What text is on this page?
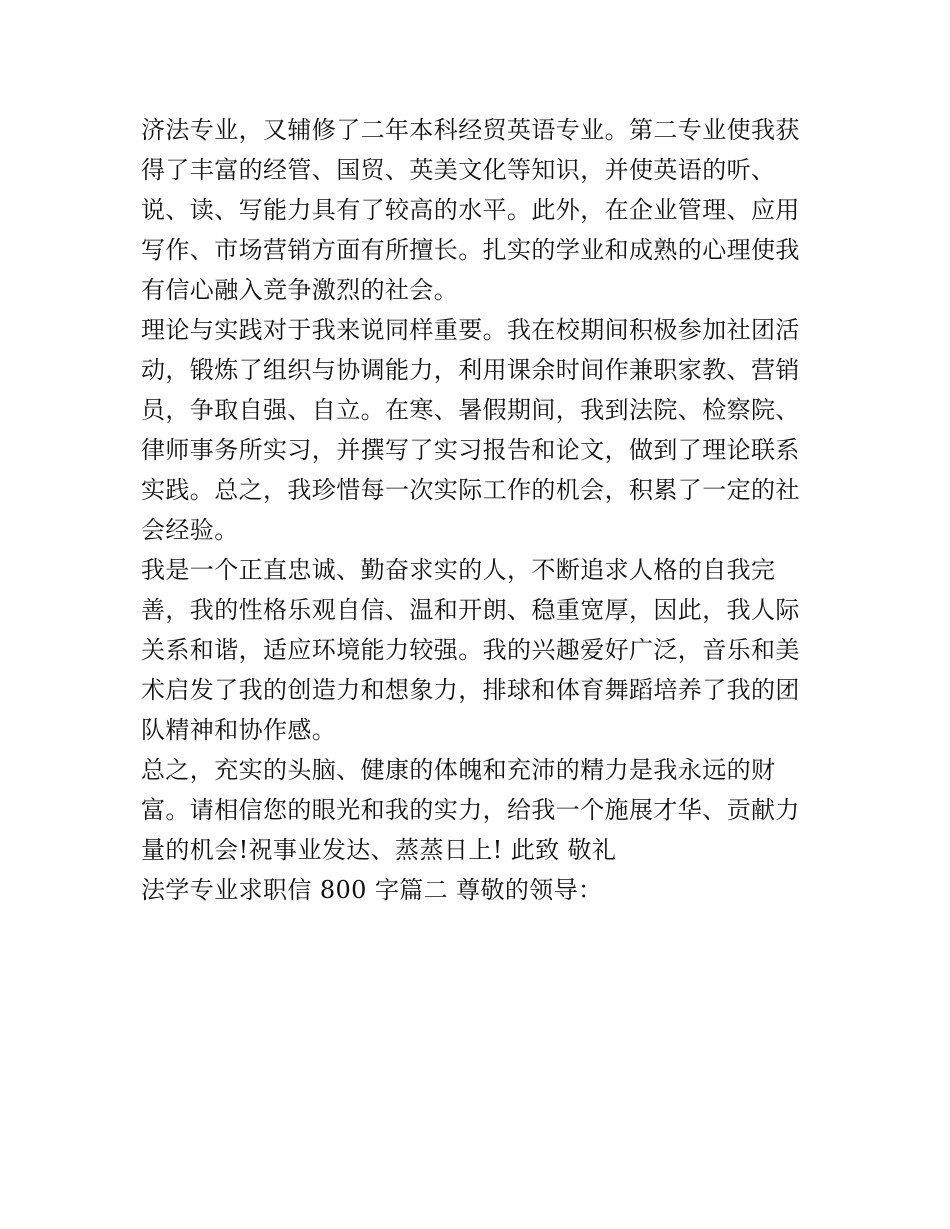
济法专业，又辅修了二年本科经贸英语专业。第二专业使我获
得了丰富的经管、国贸、英美文化等知识，并使英语的听、
说、读、写能力具有了较高的水平。此外，在企业管理、应用
写作、市场营销方面有所擅长。扎实的学业和成熟的心理使我
有信心融入竞争激烈的社会。
理论与实践对于我来说同样重要。我在校期间积极参加社团活
动，锻炼了组织与协调能力，利用课余时间作兼职家教、营销
员，争取自强、自立。在寒、暑假期间，我到法院、检察院、
律师事务所实习，并撰写了实习报告和论文，做到了理论联系
实践。总之，我珍惜每一次实际工作的机会，积累了一定的社
会经验。
我是一个正直忠诚、勤奋求实的人，不断追求人格的自我完
善，我的性格乐观自信、温和开朗、稳重宽厚，因此，我人际
关系和谐，适应环境能力较强。我的兴趣爱好广泛，音乐和美
术启发了我的创造力和想象力，排球和体育舞蹈培养了我的团
队精神和协作感。
总之，充实的头脑、健康的体魄和充沛的精力是我永远的财
富。请相信您的眼光和我的实力，给我一个施展才华、贡献力
量的机会!祝事业发达、蒸蒸日上! 此致 敬礼
法学专业求职信 800 字篇二 尊敬的领导：
